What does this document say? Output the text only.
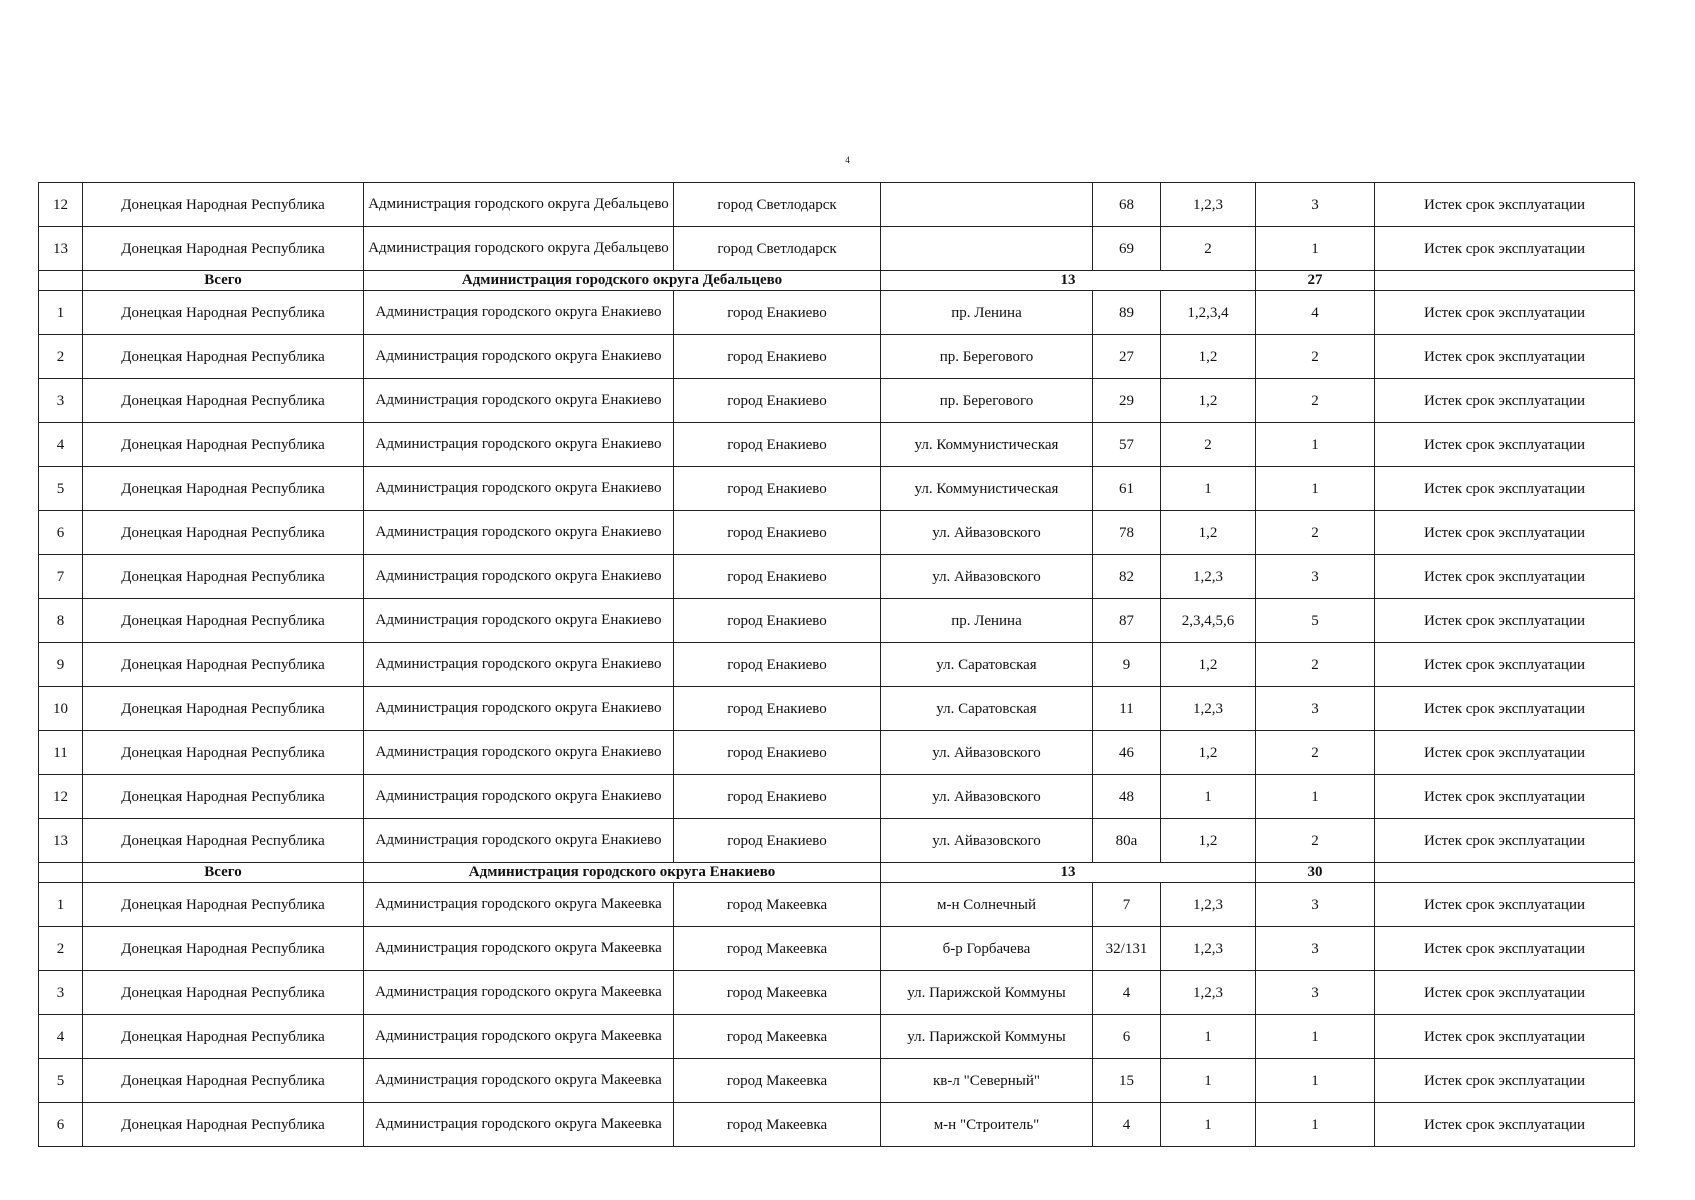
4
12	Донецкая Народная Республика	Администрация городского округа Дебальцево	город Светлодарск		68	1,2,3	3	Истек срок эксплуатации
13	Донецкая Народная Республика	Администрация городского округа Дебальцево	город Светлодарск		69	2	1	Истек срок эксплуатации
	Всего	Администрация городского округа Дебальцево		13			27	
1	Донецкая Народная Республика	Администрация городского округа Енакиево	город Енакиево	пр. Ленина	89	1,2,3,4	4	Истек срок эксплуатации
2	Донецкая Народная Республика	Администрация городского округа Енакиево	город Енакиево	пр. Берегового	27	1,2	2	Истек срок эксплуатации
3	Донецкая Народная Республика	Администрация городского округа Енакиево	город Енакиево	пр. Берегового	29	1,2	2	Истек срок эксплуатации
4	Донецкая Народная Республика	Администрация городского округа Енакиево	город Енакиево	ул. Коммунистическая	57	2	1	Истек срок эксплуатации
5	Донецкая Народная Республика	Администрация городского округа Енакиево	город Енакиево	ул. Коммунистическая	61	1	1	Истек срок эксплуатации
6	Донецкая Народная Республика	Администрация городского округа Енакиево	город Енакиево	ул. Айвазовского	78	1,2	2	Истек срок эксплуатации
7	Донецкая Народная Республика	Администрация городского округа Енакиево	город Енакиево	ул. Айвазовского	82	1,2,3	3	Истек срок эксплуатации
8	Донецкая Народная Республика	Администрация городского округа Енакиево	город Енакиево	пр. Ленина	87	2,3,4,5,6	5	Истек срок эксплуатации
9	Донецкая Народная Республика	Администрация городского округа Енакиево	город Енакиево	ул. Саратовская	9	1,2	2	Истек срок эксплуатации
10	Донецкая Народная Республика	Администрация городского округа Енакиево	город Енакиево	ул. Саратовская	11	1,2,3	3	Истек срок эксплуатации
11	Донецкая Народная Республика	Администрация городского округа Енакиево	город Енакиево	ул. Айвазовского	46	1,2	2	Истек срок эксплуатации
12	Донецкая Народная Республика	Администрация городского округа Енакиево	город Енакиево	ул. Айвазовского	48	1	1	Истек срок эксплуатации
13	Донецкая Народная Республика	Администрация городского округа Енакиево	город Енакиево	ул. Айвазовского	80а	1,2	2	Истек срок эксплуатации
	Всего	Администрация городского округа Енакиево		13			30	
1	Донецкая Народная Республика	Администрация городского округа Макеевка	город Макеевка	м-н Солнечный	7	1,2,3	3	Истек срок эксплуатации
2	Донецкая Народная Республика	Администрация городского округа Макеевка	город Макеевка	б-р Горбачева	32/131	1,2,3	3	Истек срок эксплуатации
3	Донецкая Народная Республика	Администрация городского округа Макеевка	город Макеевка	ул. Парижской Коммуны	4	1,2,3	3	Истек срок эксплуатации
4	Донецкая Народная Республика	Администрация городского округа Макеевка	город Макеевка	ул. Парижской Коммуны	6	1	1	Истек срок эксплуатации
5	Донецкая Народная Республика	Администрация городского округа Макеевка	город Макеевка	кв-л "Северный"	15	1	1	Истек срок эксплуатации
6	Донецкая Народная Республика	Администрация городского округа Макеевка	город Макеевка	м-н "Строитель"	4	1	1	Истек срок эксплуатации
